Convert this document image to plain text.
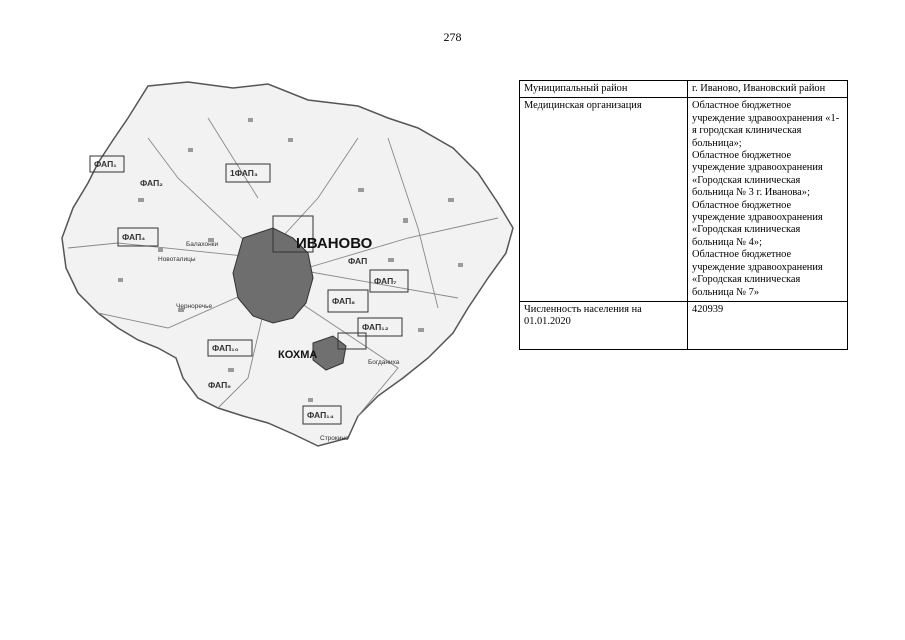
278
ФАП₁
1ФАП₃
ФАП₄
ФАП₇
ФАП₈
ФАП₁₂
ФАП₁₀
ФАП₁₄
ФАП₂
ФАП₉
ФАП
ИВАНОВО
КОХМА
Балахонки
Новоталицы
Черноречье
Богданиха
Строкино
Муниципальный район	г. Иваново, Ивановский район
Медицинская организация	Областное бюджетное учреждение здравоохранения «1-я городская клиническая больница»;
Областное бюджетное учреждение здравоохранения «Городская клиническая больница № 3 г. Иванова»;
Областное бюджетное учреждение здравоохранения «Городская клиническая больница № 4»;
Областное бюджетное учреждение здравоохранения «Городская клиническая больница № 7»

Численность населения на 01.01.2020	420939
